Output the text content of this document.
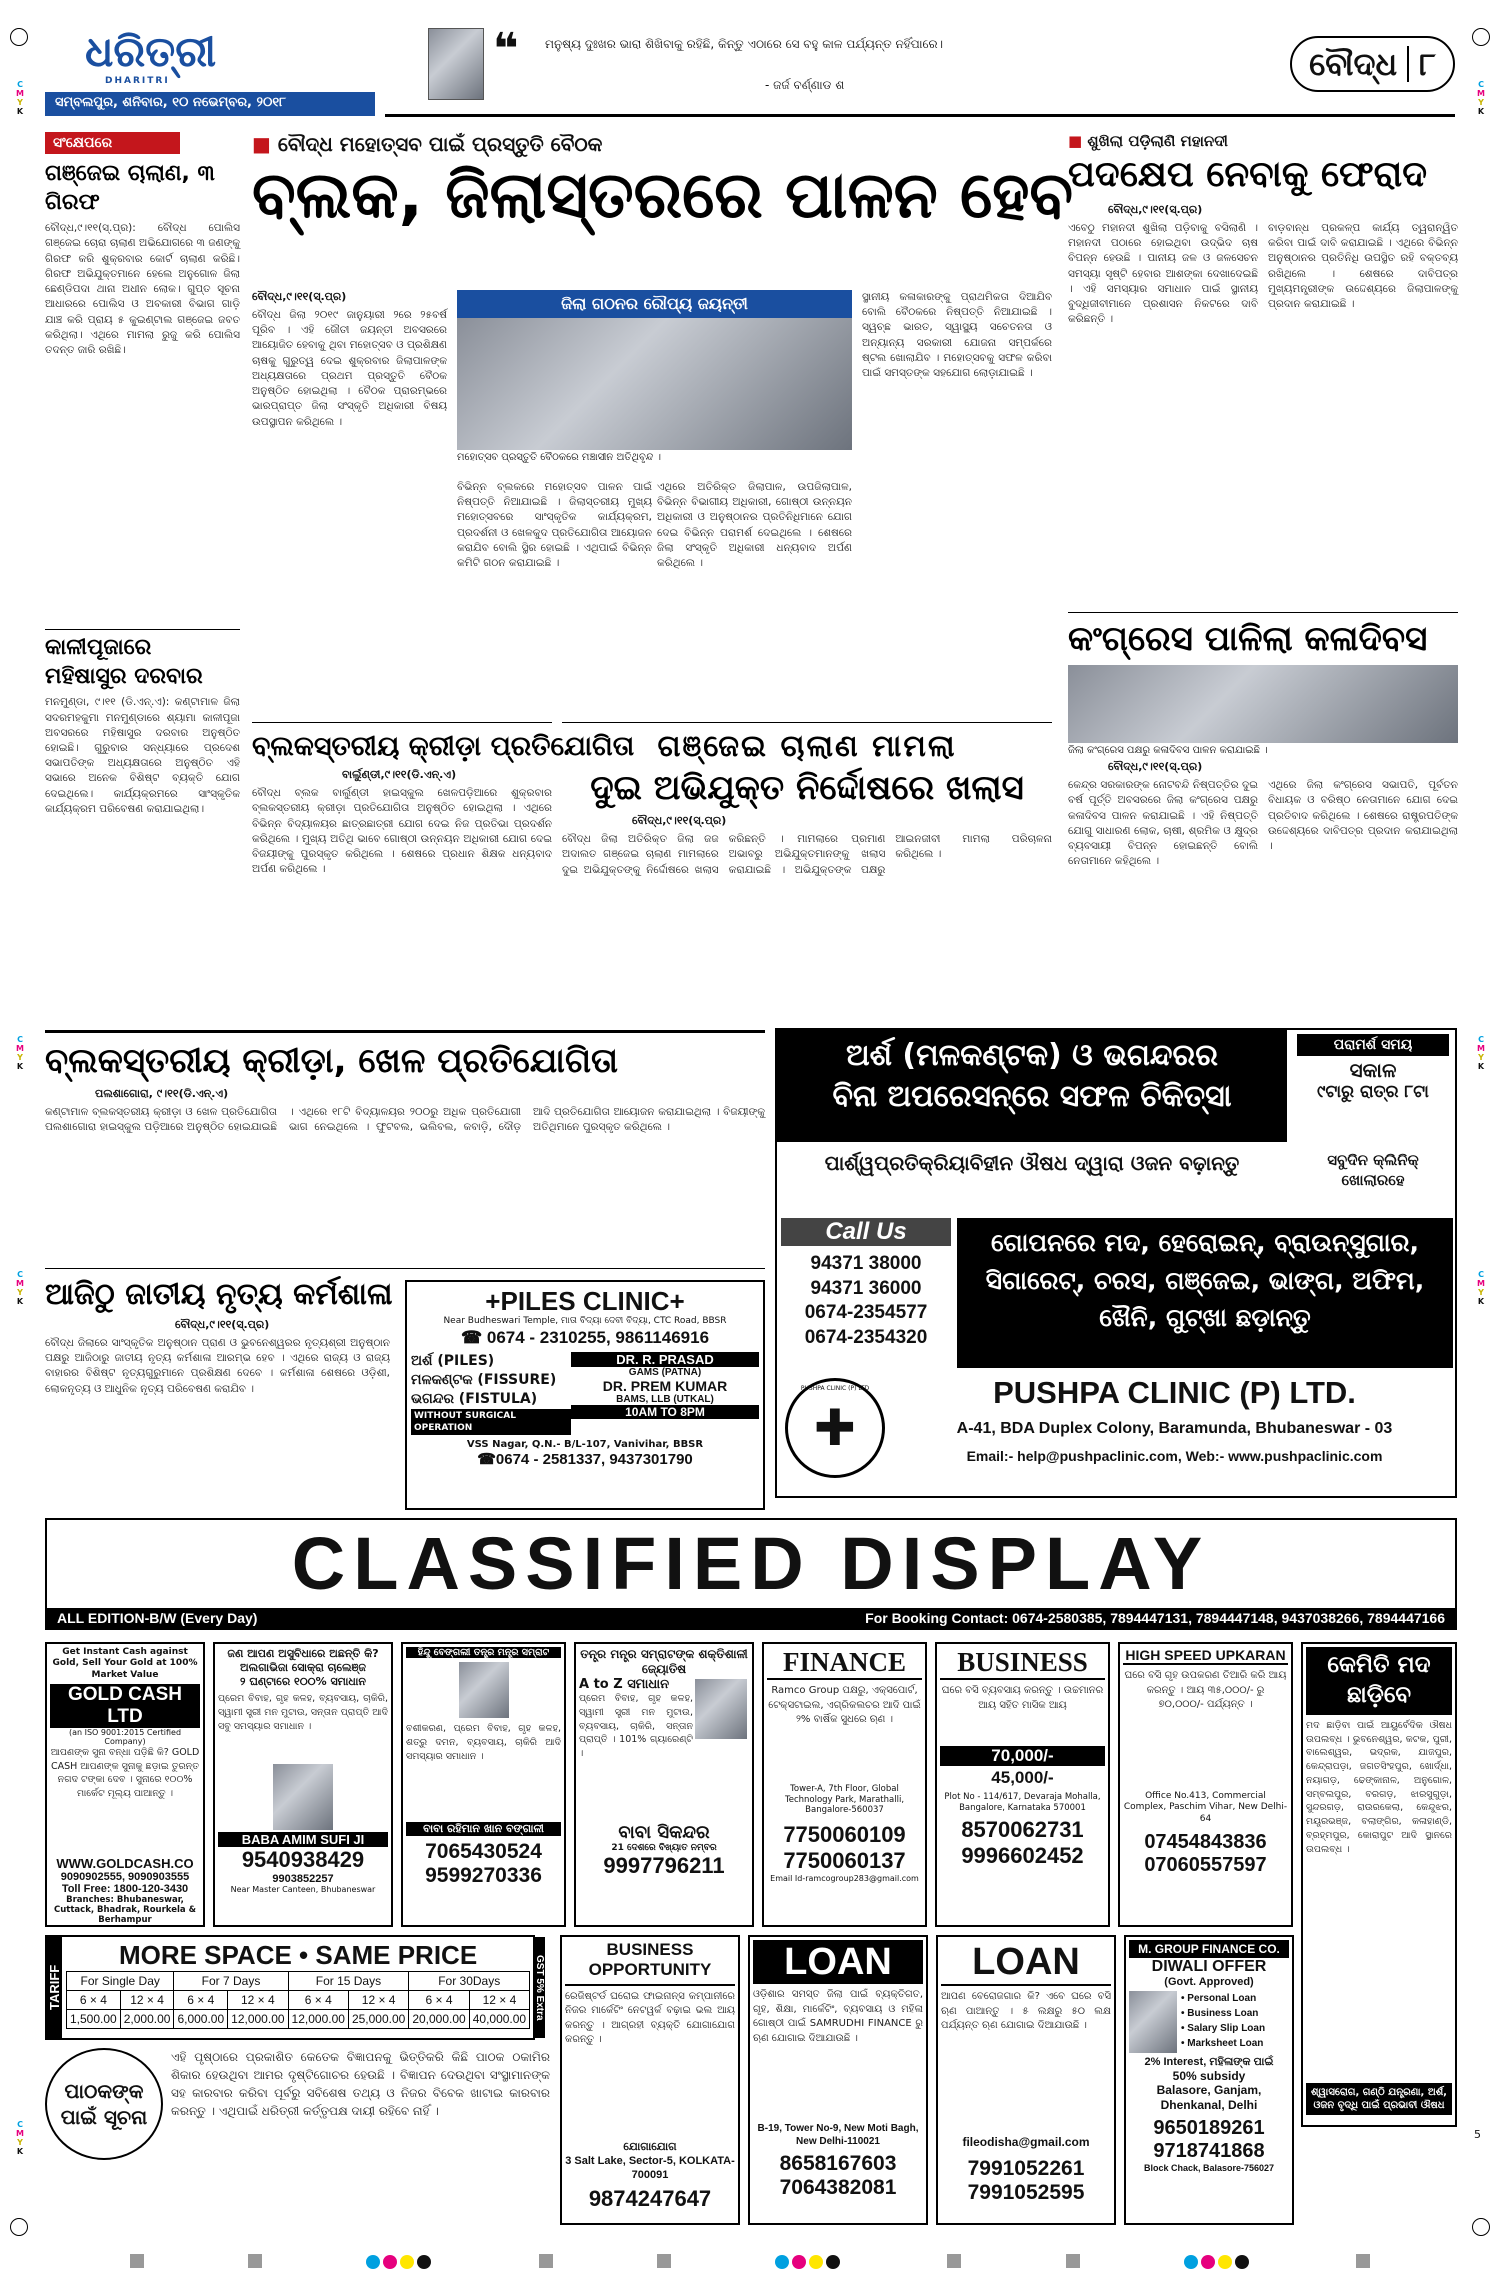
C
M
Y
K
C
M
Y
K
C
M
Y
K
C
M
Y
K
C
M
Y
K
C
M
Y
K
C
M
Y
K
5
ଧରିତ୍ରୀ
DHARITRI
ସମ୍ବଲପୁର, ଶନିବାର, ୧୦ ନଭେମ୍ବର, ୨୦୧୮
❝ ମନୁଷ୍ୟ ଦୁଃଖର ଭାରା ଶିଖିବାକୁ ରହିଛି, କିନ୍ତୁ ଏଠାରେ ସେ ବହୁ କାଳ ପର୍ଯ୍ୟନ୍ତ ନହିଁପାରେ।
- ଜର୍ଜ ବର୍ଣ୍ଣାଡ ଶ
ବୌଦ୍ଧ ୮
ସଂକ୍ଷେପରେ
ଗଞ୍ଜେଇ ଚାଲାଣ, ୩ ଗିରଫ
ବୌଦ୍ଧ,୯।୧୧(ସ୍.ପ୍ର): ବୌଦ୍ଧ ପୋଲିସ ଗଞ୍ଜେଇ ଚୋରା ଚାଲାଣ ଅଭିଯୋଗରେ ୩ ଜଣଙ୍କୁ ଗିରଫ କରି ଶୁକ୍ରବାର କୋର୍ଟ ଚାଲାଣ କରିଛି। ଗିରଫ ଅଭିଯୁକ୍ତମାନେ ହେଲେ ଅନୁଗୋଳ ଜିଲା ଛେଣ୍ଡିପଦା ଥାନା ଅଧୀନ ଲୋକ। ଗୁପ୍ତ ସୂଚନା ଆଧାରରେ ପୋଲିସ ଓ ଅବକାରୀ ବିଭାଗ ଗାଡ଼ି ଯାଞ୍ଚ କରି ପ୍ରାୟ ୫ କୁଇଣ୍ଟାଲ ଗଞ୍ଜେଇ ଜବତ କରିଥିଲା। ଏଥିରେ ମାମଲା ରୁଜୁ କରି ପୋଲିସ ତଦନ୍ତ ଜାରି ରଖିଛି।
କାଳୀପୂଜାରେ ମହିଷାସୁର ଦରବାର
ମନମୁଣ୍ଡା, ୯।୧୧ (ଡି.ଏନ୍.ଏ): କଣ୍ଟାମାଳ ଜିଲା ସଦରମହକୁମା ମନମୁଣ୍ଡାରେ ଶ୍ୟାମା କାଳୀପୂଜା ଅବସରରେ ମହିଷାସୁର ଦରବାର ଅନୁଷ୍ଠିତ ହୋଇଛି। ଗୁରୁବାର ସନ୍ଧ୍ୟାରେ ପ୍ରଦେଶ ସଭାପତିଙ୍କ ଅଧ୍ୟକ୍ଷତାରେ ଅନୁଷ୍ଠିତ ଏହି ସଭାରେ ଅନେକ ବିଶିଷ୍ଟ ବ୍ୟକ୍ତି ଯୋଗ ଦେଇଥିଲେ। କାର୍ଯ୍ୟକ୍ରମରେ ସାଂସ୍କୃତିକ କାର୍ଯ୍ୟକ୍ରମ ପରିବେଷଣ କରାଯାଇଥିଲା।
■ ବୌଦ୍ଧ ମହୋତ୍ସବ ପାଇଁ ପ୍ରସ୍ତୁତି ବୈଠକ
ବ୍ଲକ, ଜିଲାସ୍ତରରେ ପାଳନ ହେବ
ବୌଦ୍ଧ,୯।୧୧(ସ୍.ପ୍ର)
ବୌଦ୍ଧ ଜିଲା ୨୦୧୯ ଜାନୁୟାରୀ ୨ରେ ୨୫ବର୍ଷ ପୂରିବ । ଏହି ଜୌତୀ ଜୟନ୍ତୀ ଅବସରରେ ଆୟୋଜିତ ହେବାକୁ ଥିବା ମହୋତ୍ସବ ଓ ପ୍ରଶିକ୍ଷଣ ଚାଷକୁ ଗୁରୁତ୍ୱ ଦେଇ ଶୁକ୍ରବାର ଜିଲାପାଳଙ୍କ ଅଧ୍ୟକ୍ଷତାରେ ପ୍ରଥମ ପ୍ରସ୍ତୁତି ବୈଠକ ଅନୁଷ୍ଠିତ ହୋଇଥିଲା । ବୈଠକ ପ୍ରାରମ୍ଭରେ ଭାରପ୍ରାପ୍ତ ଜିଲା ସଂସ୍କୃତି ଅଧିକାରୀ ବିଷୟ ଉପସ୍ଥାପନ କରିଥିଲେ ।
ଜିଲା ଗଠନର ରୌପ୍ୟ ଜୟନ୍ତୀ
ମହୋତ୍ସବ ପ୍ରସ୍ତୁତି ବୈଠକରେ ମଞ୍ଚାସୀନ ଅତିଥିବୃନ୍ଦ ।
ବିଭିନ୍ନ ବ୍ଲକରେ ମହୋତ୍ସବ ପାଳନ ପାଇଁ ନିଷ୍ପତ୍ତି ନିଆଯାଇଛି । ଜିଲାସ୍ତରୀୟ ମୁଖ୍ୟ ମହୋତ୍ସବରେ ସାଂସ୍କୃତିକ କାର୍ଯ୍ୟକ୍ରମ, ପ୍ରଦର୍ଶନୀ ଓ ଖେଳକୁଦ ପ୍ରତିଯୋଗିତା ଆୟୋଜନ କରାଯିବ ବୋଲି ସ୍ଥିର ହୋଇଛି । ଏଥିପାଇଁ ବିଭିନ୍ନ କମିଟି ଗଠନ କରାଯାଇଛି ।
ଏଥିରେ ଅତିରିକ୍ତ ଜିଲାପାଳ, ଉପଜିଲାପାଳ, ବିଭିନ୍ନ ବିଭାଗୀୟ ଅଧିକାରୀ, ଗୋଷ୍ଠୀ ଉନ୍ନୟନ ଅଧିକାରୀ ଓ ଅନୁଷ୍ଠାନର ପ୍ରତିନିଧିମାନେ ଯୋଗ ଦେଇ ବିଭିନ୍ନ ପରାମର୍ଶ ଦେଇଥିଲେ । ଶେଷରେ ଜିଲା ସଂସ୍କୃତି ଅଧିକାରୀ ଧନ୍ୟବାଦ ଅର୍ପଣ କରିଥିଲେ ।
ସ୍ଥାନୀୟ କଳାକାରଙ୍କୁ ପ୍ରାଥମିକତା ଦିଆଯିବ ବୋଲି ବୈଠକରେ ନିଷ୍ପତ୍ତି ନିଆଯାଇଛି । ସ୍ୱଚ୍ଛ ଭାରତ, ସ୍ୱାସ୍ଥ୍ୟ ସଚେତନତା ଓ ଅନ୍ୟାନ୍ୟ ସରକାରୀ ଯୋଜନା ସମ୍ପର୍କରେ ଷ୍ଟଲ ଖୋଲାଯିବ । ମହୋତ୍ସବକୁ ସଫଳ କରିବା ପାଇଁ ସମସ୍ତଙ୍କ ସହଯୋଗ ଲୋଡ଼ାଯାଇଛି ।
■ ଶୁଖିଲା ପଡ଼ିଲାଣି ମହାନଦୀ
ପଦକ୍ଷେପ ନେବାକୁ ଫେରାଦ
ବୌଦ୍ଧ,୯।୧୧(ସ୍.ପ୍ର)
ଏବେଠୁ ମହାନଦୀ ଶୁଖିଲା ପଡ଼ିବାକୁ ବସିଲାଣି । ମହାନଦୀ ପଠାରେ ହୋଇଥିବା ଉଦ୍ଭିଦ ଚାଷ ବିପନ୍ନ ହେଉଛି । ପାନୀୟ ଜଳ ଓ ଜଳସେଚନ ସମସ୍ୟା ସୃଷ୍ଟି ହେବାର ଆଶଙ୍କା ଦେଖାଦେଇଛି । ଏହି ସମସ୍ୟାର ସମାଧାନ ପାଇଁ ସ୍ଥାନୀୟ ବୁଦ୍ଧିଜୀବୀମାନେ ପ୍ରଶାସନ ନିକଟରେ ଦାବି କରିଛନ୍ତି ।
ବାଡ଼ବାନ୍ଧ ପ୍ରକଳ୍ପ କାର୍ଯ୍ୟ ତ୍ୱରାନ୍ୱିତ କରିବା ପାଇଁ ଦାବି କରାଯାଇଛି । ଏଥିରେ ବିଭିନ୍ନ ଅନୁଷ୍ଠାନର ପ୍ରତିନିଧି ଉପସ୍ଥିତ ରହି ବକ୍ତବ୍ୟ ରଖିଥିଲେ । ଶେଷରେ ଦାବିପତ୍ର ମୁଖ୍ୟମନ୍ତ୍ରୀଙ୍କ ଉଦ୍ଦେଶ୍ୟରେ ଜିଲାପାଳଙ୍କୁ ପ୍ରଦାନ କରାଯାଇଛି ।
କଂଗ୍ରେସ ପାଳିଲା କଳାଦିବସ
ଜିଲା କଂଗ୍ରେସ ପକ୍ଷରୁ କଳାଦିବସ ପାଳନ କରାଯାଇଛି ।
ବୌଦ୍ଧ,୯।୧୧(ସ୍.ପ୍ର)
କେନ୍ଦ୍ର ସରକାରଙ୍କ ନୋଟବନ୍ଦି ନିଷ୍ପତ୍ତିର ଦୁଇ ବର୍ଷ ପୂର୍ତ୍ତି ଅବସରରେ ଜିଲା କଂଗ୍ରେସ ପକ୍ଷରୁ କଳାଦିବସ ପାଳନ କରାଯାଇଛି । ଏହି ନିଷ୍ପତ୍ତି ଯୋଗୁ ସାଧାରଣ ଲୋକ, ଚାଷୀ, ଶ୍ରମିକ ଓ କ୍ଷୁଦ୍ର ବ୍ୟବସାୟୀ ବିପନ୍ନ ହୋଇଛନ୍ତି ବୋଲି ନେତାମାନେ କହିଥିଲେ ।
ଏଥିରେ ଜିଲା କଂଗ୍ରେସ ସଭାପତି, ପୂର୍ବତନ ବିଧାୟକ ଓ ବରିଷ୍ଠ ନେତାମାନେ ଯୋଗ ଦେଇ ପ୍ରତିବାଦ କରିଥିଲେ । ଶେଷରେ ରାଷ୍ଟ୍ରପତିଙ୍କ ଉଦ୍ଦେଶ୍ୟରେ ଦାବିପତ୍ର ପ୍ରଦାନ କରାଯାଇଥିଲା ।
ବ୍ଲକସ୍ତରୀୟ କ୍ରୀଡ଼ା ପ୍ରତିଯୋଗିତା
ବାର୍ଲୁଣ୍ଡୀ,୯।୧୧(ଡି.ଏନ୍.ଏ)
ବୌଦ୍ଧ ବ୍ଲକ ବାର୍ଲୁଣ୍ଡୀ ହାଇସ୍କୁଲ ଖେଳପଡ଼ିଆରେ ଶୁକ୍ରବାର ବ୍ଲକସ୍ତରୀୟ କ୍ରୀଡ଼ା ପ୍ରତିଯୋଗିତା ଅନୁଷ୍ଠିତ ହୋଇଥିଲା । ଏଥିରେ ବିଭିନ୍ନ ବିଦ୍ୟାଳୟର ଛାତ୍ରଛାତ୍ରୀ ଯୋଗ ଦେଇ ନିଜ ପ୍ରତିଭା ପ୍ରଦର୍ଶନ କରିଥିଲେ । ମୁଖ୍ୟ ଅତିଥି ଭାବେ ଗୋଷ୍ଠୀ ଉନ୍ନୟନ ଅଧିକାରୀ ଯୋଗ ଦେଇ ବିଜୟୀଙ୍କୁ ପୁରସ୍କୃତ କରିଥିଲେ । ଶେଷରେ ପ୍ରଧାନ ଶିକ୍ଷକ ଧନ୍ୟବାଦ ଅର୍ପଣ କରିଥିଲେ ।
ଗଞ୍ଜେଇ ଚାଲାଣ ମାମଲା
ଦୁଇ ଅଭିଯୁକ୍ତ ନିର୍ଦ୍ଦୋଷରେ ଖଲାସ
ବୌଦ୍ଧ,୯।୧୧(ସ୍.ପ୍ର)
ବୌଦ୍ଧ ଜିଲା ଅତିରିକ୍ତ ଜିଲା ଜଜ ଅଦାଲତ ଗଞ୍ଜେଇ ଚାଲାଣ ମାମଲାରେ ଦୁଇ ଅଭିଯୁକ୍ତଙ୍କୁ ନିର୍ଦ୍ଦୋଷରେ ଖଲାସ କରିଛନ୍ତି । ମାମଲାରେ ପ୍ରମାଣ ଅଭାବରୁ ଅଭିଯୁକ୍ତମାନଙ୍କୁ ଖଲାସ କରାଯାଇଛି । ଅଭିଯୁକ୍ତଙ୍କ ପକ୍ଷରୁ ଆଇନଜୀବୀ ମାମଲା ପରିଚାଳନା କରିଥିଲେ ।
ବ୍ଲକସ୍ତରୀୟ କ୍ରୀଡ଼ା, ଖେଳ ପ୍ରତିଯୋଗିତା
ପଲଶାଗୋରା, ୯।୧୧(ଡି.ଏନ୍.ଏ)
କଣ୍ଟାମାଳ ବ୍ଲକସ୍ତରୀୟ କ୍ରୀଡ଼ା ଓ ଖେଳ ପ୍ରତିଯୋଗିତା ପଲଶାଗୋରା ହାଇସ୍କୁଲ ପଡ଼ିଆରେ ଅନୁଷ୍ଠିତ ହୋଇଯାଇଛି । ଏଥିରେ ୧୮ଟି ବିଦ୍ୟାଳୟର ୨୦୦ରୁ ଅଧିକ ପ୍ରତିଯୋଗୀ ଭାଗ ନେଇଥିଲେ । ଫୁଟବଲ, ଭଲିବଲ, କବାଡ଼ି, ଦୌଡ଼ ଆଦି ପ୍ରତିଯୋଗିତା ଆୟୋଜନ କରାଯାଇଥିଲା । ବିଜୟୀଙ୍କୁ ଅତିଥିମାନେ ପୁରସ୍କୃତ କରିଥିଲେ ।
ଆଜିଠୁ ଜାତୀୟ ନୃତ୍ୟ କର୍ମଶାଳା
ବୌଦ୍ଧ,୯।୧୧(ସ୍.ପ୍ର)
ବୌଦ୍ଧ ଜିଲାରେ ସାଂସ୍କୃତିକ ଅନୁଷ୍ଠାନ ପ୍ରାଣ ଓ ଭୁବନେଶ୍ୱରର ନୃତ୍ୟଶ୍ରୀ ଅନୁଷ୍ଠାନ ପକ୍ଷରୁ ଆଜିଠାରୁ ଜାତୀୟ ନୃତ୍ୟ କର୍ମଶାଳା ଆରମ୍ଭ ହେବ । ଏଥିରେ ରାଜ୍ୟ ଓ ରାଜ୍ୟ ବାହାରର ବିଶିଷ୍ଟ ନୃତ୍ୟଗୁରୁମାନେ ପ୍ରଶିକ୍ଷଣ ଦେବେ । କର୍ମଶାଳା ଶେଷରେ ଓଡ଼ିଶୀ, ଲୋକନୃତ୍ୟ ଓ ଆଧୁନିକ ନୃତ୍ୟ ପରିବେଷଣ କରାଯିବ ।
+PILES CLINIC+
Near Budheswari Temple, ମାତା ବିଦ୍ୟା ଦେବୀ ବିଦ୍ୟା, CTC Road, BBSR
☎ 0674 - 2310255, 9861146916
ଅର୍ଶ (PILES)
ମଳକଣ୍ଟକ (FISSURE)
ଭଗନ୍ଦର (FISTULA)
WITHOUT SURGICAL OPERATION
DR. R. PRASAD
GAMS (PATNA)
DR. PREM KUMAR
BAMS, LLB (UTKAL)
10AM TO 8PM
VSS Nagar, Q.N.- B/L-107, Vanivihar, BBSR
☎0674 - 2581337, 9437301790
ଅର୍ଶ (ମଳକଣ୍ଟକ) ଓ ଭଗନ୍ଦରର
ବିନା ଅପରେସନ୍‌ରେ ସଫଳ ଚିକିତ୍ସା
ପରାମର୍ଶ ସମୟ
ସକାଳ
୯ଟାରୁ ରାତ୍ର ୮ଟା
ପାର୍ଶ୍ୱପ୍ରତିକ୍ରିୟାବିହୀନ ଔଷଧ ଦ୍ୱାରା ଓଜନ ବଢ଼ାନ୍ତୁ	ସବୁଦିନ କ୍ଲିନିକ୍ ଖୋଲାରହେ
Call Us
94371 38000
94371 36000
0674-2354577
0674-2354320
ଗୋପନରେ ମଦ, ହେରୋଇନ୍, ବ୍ରାଉନ୍‌ସୁଗାର, ସିଗାରେଟ୍, ଚରସ, ଗଞ୍ଜେଇ, ଭାଙ୍ଗ, ଅଫିମ, ଖୈନି, ଗୁଟ୍‌ଖା ଛଡ଼ାନ୍ତୁ
✚
PUSHPA CLINIC (P) LTD	PUSHPA CLINIC (P) LTD.
A-41, BDA Duplex Colony, Baramunda, Bhubaneswar - 03
Email:- help@pushpaclinic.com, Web:- www.pushpaclinic.com
CLASSIFIED DISPLAY
ALL EDITION-B/W (Every Day)	For Booking Contact: 0674-2580385, 7894447131, 7894447148, 9437038266, 7894447166
Get Instant Cash against Gold, Sell Your Gold at 100% Market Value
GOLD CASH LTD
(an ISO 9001:2015 Certified Company)
ଆପଣଙ୍କ ସୁନା ବନ୍ଧା ପଡ଼ିଛି କି? GOLD CASH ଆପଣଙ୍କ ସୁନାକୁ ଛଡ଼ାଇ ତୁରନ୍ତ ନଗଦ ଟଙ୍କା ଦେବ । ସୁନାରେ ୧୦୦% ମାର୍କେଟ ମୂଲ୍ୟ ପାଆନ୍ତୁ ।
WWW.GOLDCASH.CO
9090902555, 9090903555
Toll Free: 1800-120-3430
Branches: Bhubaneswar, Cuttack, Bhadrak, Rourkela & Berhampur
ଜଣ ଆପଣ ଅସୁବିଧାରେ ଅଛନ୍ତି କି?
ଅଲଗାଭିଜା ସୋକ୍‌ରା ଚାଲେଞ୍ଜ
୨ ଘଣ୍ଟାରେ ୧୦୦% ସମାଧାନ
ପ୍ରେମ ବିବାହ, ଗୃହ କଳହ, ବ୍ୟବସାୟ, ଚାକିରି, ସ୍ୱାମୀ ସ୍ତ୍ରୀ ମନ ମୁଟାଉ, ସନ୍ତାନ ପ୍ରାପ୍ତି ଆଦି ସବୁ ସମସ୍ୟାର ସମାଧାନ ।
BABA AMIM SUFI JI
9540938429
9903852257
Near Master Canteen, Bhubaneswar
ହିନ୍ଦୁ ବେଙ୍ଗଲୀ ତନ୍ତ୍ର ମନ୍ତ୍ର ସମ୍ରାଟ
ବଶୀକରଣ, ପ୍ରେମ ବିବାହ, ଗୃହ କଳହ, ଶତ୍ରୁ ଦମନ, ବ୍ୟବସାୟ, ଚାକିରି ଆଦି ସମସ୍ୟାର ସମାଧାନ ।
ବାବା ରହିମାନ ଖାନ ବଙ୍ଗାଳୀ
7065430524
9599270336
ତନ୍ତ୍ର ମନ୍ତ୍ର ସମ୍ରାଟଙ୍କ ଶକ୍ତିଶାଳୀ ଜ୍ୟୋତିଷ
A to Z ସମାଧାନ
ପ୍ରେମ ବିବାହ, ଗୃହ କଳହ, ସ୍ୱାମୀ ସ୍ତ୍ରୀ ମନ ମୁଟାଉ, ବ୍ୟବସାୟ, ଚାକିରି, ସନ୍ତାନ ପ୍ରାପ୍ତି । 101% ଗ୍ୟାରେଣ୍ଟି ।
ବାବା ସିକନ୍ଦର
21 ଦେଶରେ ବିଖ୍ୟାତ ନମ୍ବର
9997796211
FINANCE
Ramco Group ପକ୍ଷରୁ, ଏକ୍ସପୋର୍ଟ, ଟେକ୍ସଟାଇଲ, ଏଗ୍ରିକଲଚର ଆଦି ପାଇଁ ୨% ବାର୍ଷିକ ସୁଧରେ ଋଣ ।
Tower-A, 7th Floor, Global Technology Park, Marathalli, Bangalore-560037
7750060109
7750060137
Email Id-ramcogroup283@gmail.com
BUSINESS
ଘରେ ବସି ବ୍ୟବସାୟ କରନ୍ତୁ । ଉଚ୍ଚମାନର ଆୟ ସହିତ ମାସିକ ଆୟ
70,000/-
45,000/-
Plot No - 114/617, Devaraja Mohalla, Bangalore, Karnataka 570001
8570062731
9996602452
HIGH SPEED UPKARAN
ଘରେ ବସି ଗୃହ ଉପକରଣ ତିଆରି କରି ଆୟ କରନ୍ତୁ । ଆୟ ୩୫,୦୦୦/- ରୁ ୭୦,୦୦୦/- ପର୍ଯ୍ୟନ୍ତ ।
Office No.413, Commercial Complex, Paschim Vihar, New Delhi-64
07454843836
07060557597
କେମିତି ମଦ ଛାଡ଼ିବେ
ମଦ ଛାଡ଼ିବା ପାଇଁ ଆୟୁର୍ବେଦିକ ଔଷଧ ଉପଲବ୍ଧ । ଭୁବନେଶ୍ୱର, କଟକ, ପୁରୀ, ବାଲେଶ୍ୱର, ଭଦ୍ରକ, ଯାଜପୁର, କେନ୍ଦ୍ରାପଡ଼ା, ଜଗତସିଂହପୁର, ଖୋର୍ଦ୍ଧା, ନୟାଗଡ଼, ଢେଙ୍କାନାଳ, ଅନୁଗୋଳ, ସମ୍ବଲପୁର, ବରଗଡ଼, ଝାରସୁଗୁଡ଼ା, ସୁନ୍ଦରଗଡ଼, ରାଉରକେଲା, କେନ୍ଦୁଝର, ମୟୂରଭଞ୍ଜ, ବଲାଙ୍ଗିର, କଳାହାଣ୍ଡି, ବ୍ରହ୍ମପୁର, କୋରାପୁଟ ଆଦି ସ୍ଥାନରେ ଉପଲବ୍ଧ ।
ଶ୍ୱାସରୋଗ, ଗଣ୍ଠି ଯନ୍ତ୍ରଣା, ଅର୍ଶ, ଓଜନ ବୃଦ୍ଧି ପାଇଁ ପ୍ରଭାବୀ ଔଷଧ
TARIFF
MORE SPACE • SAME PRICE
For Single Day		For 7 Days		For 15 Days		For 30Days	
6 × 4	12 × 4	6 × 4	12 × 4	6 × 4	12 × 4	6 × 4	12 × 4
1,500.00	2,000.00	6,000.00	12,000.00	12,000.00	25,000.00	20,000.00	40,000.00 GST 5% Extra
ପାଠକଙ୍କ ପାଇଁ ସୂଚନା
ଏହି ପୃଷ୍ଠାରେ ପ୍ରକାଶିତ କେତେକ ବିଜ୍ଞାପନକୁ ଭିତ୍ତିକରି କିଛି ପାଠକ ଠକାମିର ଶିକାର ହେଉଥିବା ଆମର ଦୃଷ୍ଟିଗୋଚର ହେଉଛି । ବିଜ୍ଞାପନ ଦେଉଥିବା ସଂସ୍ଥାମାନଙ୍କ ସହ କାରବାର କରିବା ପୂର୍ବରୁ ସବିଶେଷ ତଥ୍ୟ ଓ ନିଜର ବିବେକ ଖାଟାଇ କାରବାର କରନ୍ତୁ । ଏଥିପାଇଁ ଧରିତ୍ରୀ କର୍ତ୍ତୃପକ୍ଷ ଦାୟୀ ରହିବେ ନାହିଁ ।
BUSINESS OPPORTUNITY
ରେଜିଷ୍ଟର୍ଡ ଘରୋଇ ଫାଇନାନ୍ସ କମ୍ପାନୀରେ ନିଜର ମାର୍କେଟିଂ ନେଟୱର୍କ ବଢ଼ାଇ ଭଲ ଆୟ କରନ୍ତୁ । ଆଗ୍ରହୀ ବ୍ୟକ୍ତି ଯୋଗାଯୋଗ କରନ୍ତୁ ।
ଯୋଗାଯୋଗ
3 Salt Lake, Sector-5, KOLKATA-700091
9874247647
LOAN
ଓଡ଼ିଶାର ସମସ୍ତ ଜିଲା ପାଇଁ ବ୍ୟକ୍ତିଗତ, ଗୃହ, ଶିକ୍ଷା, ମାର୍କେଟିଂ, ବ୍ୟବସାୟ ଓ ମହିଳା ଗୋଷ୍ଠୀ ପାଇଁ SAMRUDHI FINANCE ରୁ ଋଣ ଯୋଗାଇ ଦିଆଯାଉଛି ।
B-19, Tower No-9, New Moti Bagh, New Delhi-110021
8658167603
7064382081
LOAN
ଆପଣ ବେରୋଜଗାର କି? ଏବେ ଘରେ ବସି ଋଣ ପାଆନ୍ତୁ । ୫ ଲକ୍ଷରୁ ୫୦ ଲକ୍ଷ ପର୍ଯ୍ୟନ୍ତ ଋଣ ଯୋଗାଇ ଦିଆଯାଉଛି ।
fileodisha@gmail.com
7991052261
7991052595
M. GROUP FINANCE CO.
DIWALI OFFER
(Govt. Approved)
• Personal Loan
• Business Loan
• Salary Slip Loan
• Marksheet Loan
2% Interest, ମହିଳାଙ୍କ ପାଇଁ
50% subsidy
Balasore, Ganjam, Dhenkanal, Delhi
9650189261
9718741868
Block Chack, Balasore-756027
